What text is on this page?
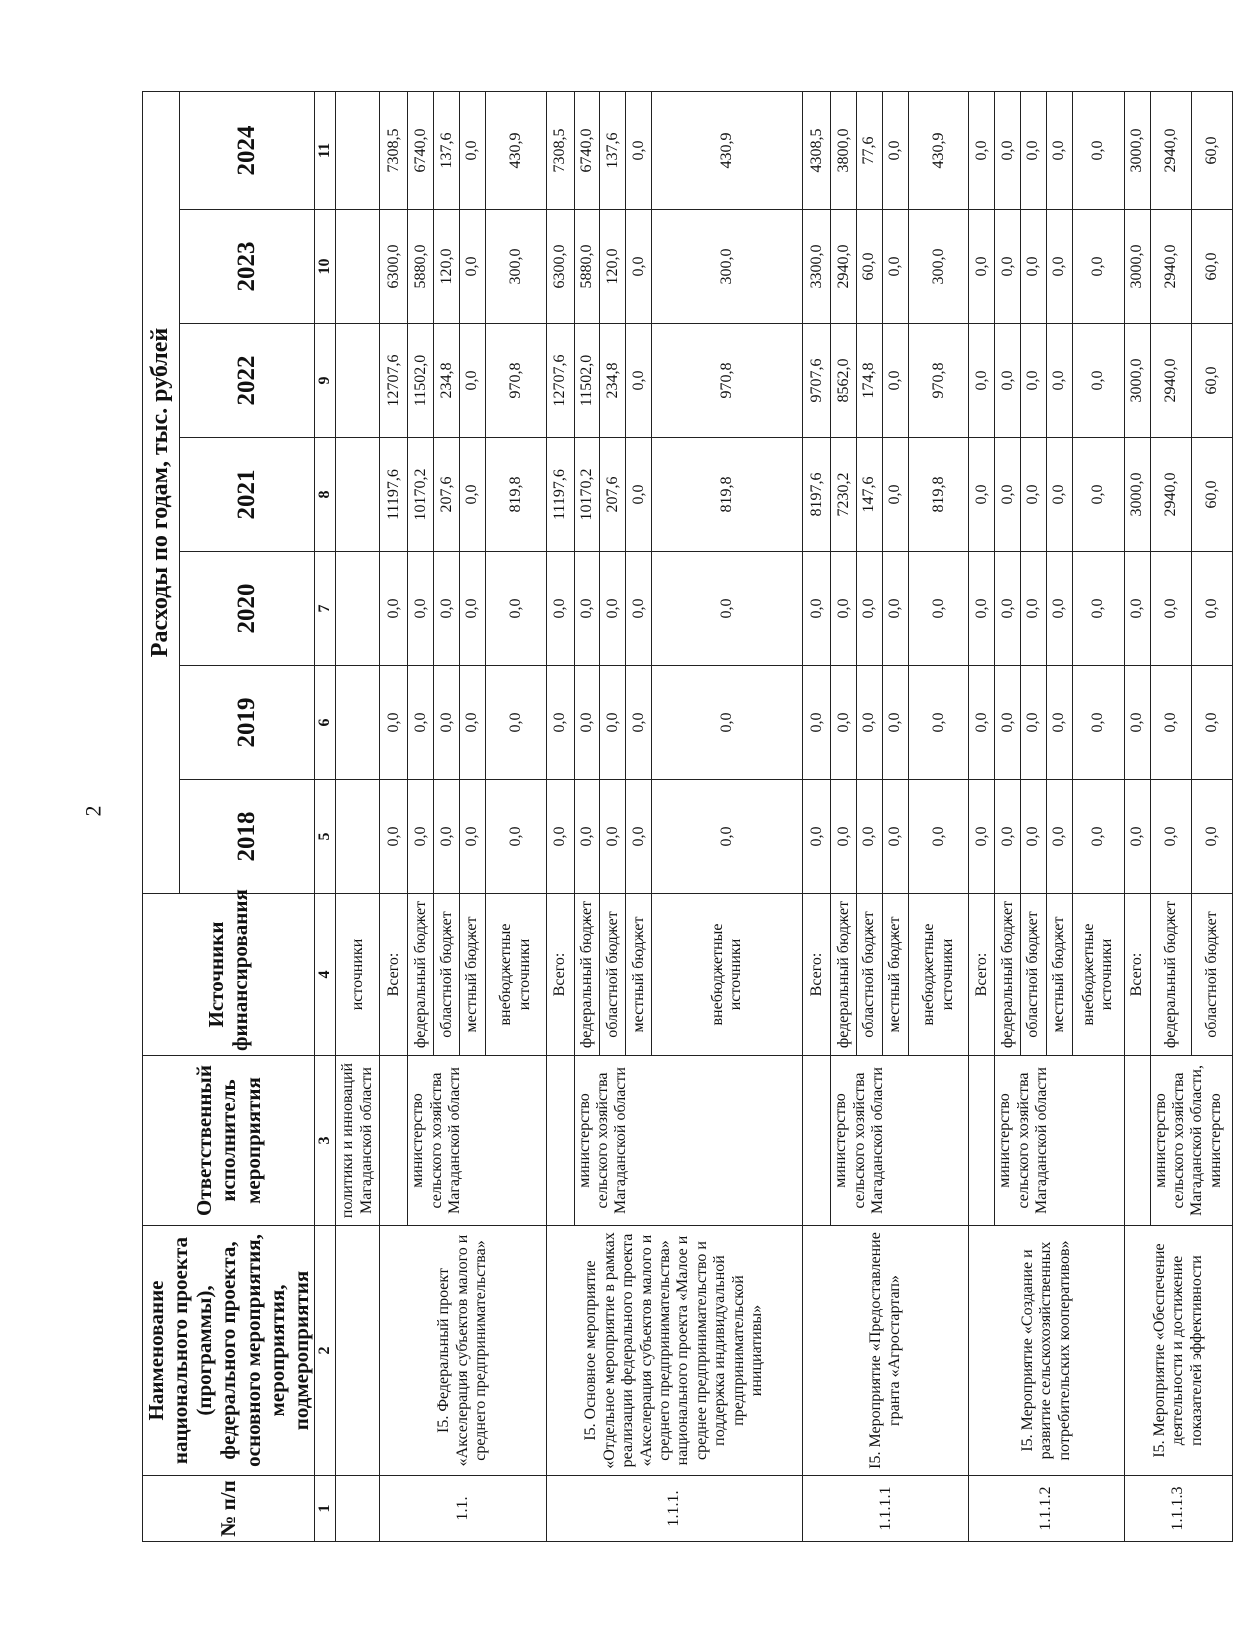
2
№ п/п	Наименование национального проекта (программы), федерального проекта, основного мероприятия, мероприятия, подмероприятия	Ответственный исполнитель мероприятия	Источники финансирования	Расходы по годам, тыс. рублей						
				2018	2019	2020	2021	2022	2023	2024
1	2	3	4	5	6	7	8	9	10	11
		политики и инноваций Магаданской области	источники							
1.1.	I5. Федеральный проект «Акселерация субъектов малого и среднего предпринимательства»		Всего:	0,0	0,0	0,0	11197,6	12707,6	6300,0	7308,5
		министерство сельского хозяйства Магаданской области	федеральный бюджет	0,0	0,0	0,0	10170,2	11502,0	5880,0	6740,0
			областной бюджет	0,0	0,0	0,0	207,6	234,8	120,0	137,6
			местный бюджет	0,0	0,0	0,0	0,0	0,0	0,0	0,0
			внебюджетные источники	0,0	0,0	0,0	819,8	970,8	300,0	430,9
1.1.1.	I5. Основное мероприятие «Отдельное мероприятие в рамках реализации федерального проекта «Акселерация субъектов малого и среднего предпринимательства» национального проекта «Малое и среднее предпринимательство и поддержка индивидуальной предпринимательской инициативы»		Всего:	0,0	0,0	0,0	11197,6	12707,6	6300,0	7308,5
		министерство сельского хозяйства Магаданской области	федеральный бюджет	0,0	0,0	0,0	10170,2	11502,0	5880,0	6740,0
			областной бюджет	0,0	0,0	0,0	207,6	234,8	120,0	137,6
			местный бюджет	0,0	0,0	0,0	0,0	0,0	0,0	0,0
			внебюджетные источники	0,0	0,0	0,0	819,8	970,8	300,0	430,9
1.1.1.1	I5. Мероприятие «Предоставление гранта «Агростартап»		Всего:	0,0	0,0	0,0	8197,6	9707,6	3300,0	4308,5
		министерство сельского хозяйства Магаданской области	федеральный бюджет	0,0	0,0	0,0	7230,2	8562,0	2940,0	3800,0
			областной бюджет	0,0	0,0	0,0	147,6	174,8	60,0	77,6
			местный бюджет	0,0	0,0	0,0	0,0	0,0	0,0	0,0
			внебюджетные источники	0,0	0,0	0,0	819,8	970,8	300,0	430,9
1.1.1.2	I5. Мероприятие «Создание и развитие сельскохозяйственных потребительских кооперативов»		Всего:	0,0	0,0	0,0	0,0	0,0	0,0	0,0
		министерство сельского хозяйства Магаданской области	федеральный бюджет	0,0	0,0	0,0	0,0	0,0	0,0	0,0
			областной бюджет	0,0	0,0	0,0	0,0	0,0	0,0	0,0
			местный бюджет	0,0	0,0	0,0	0,0	0,0	0,0	0,0
			внебюджетные источники	0,0	0,0	0,0	0,0	0,0	0,0	0,0
1.1.1.3	I5. Мероприятие «Обеспечение деятельности и достижение показателей эффективности		Всего:	0,0	0,0	0,0	3000,0	3000,0	3000,0	3000,0
		министерство сельского хозяйства Магаданской области, министерство	федеральный бюджет	0,0	0,0	0,0	2940,0	2940,0	2940,0	2940,0
			областной бюджет	0,0	0,0	0,0	60,0	60,0	60,0	60,0
